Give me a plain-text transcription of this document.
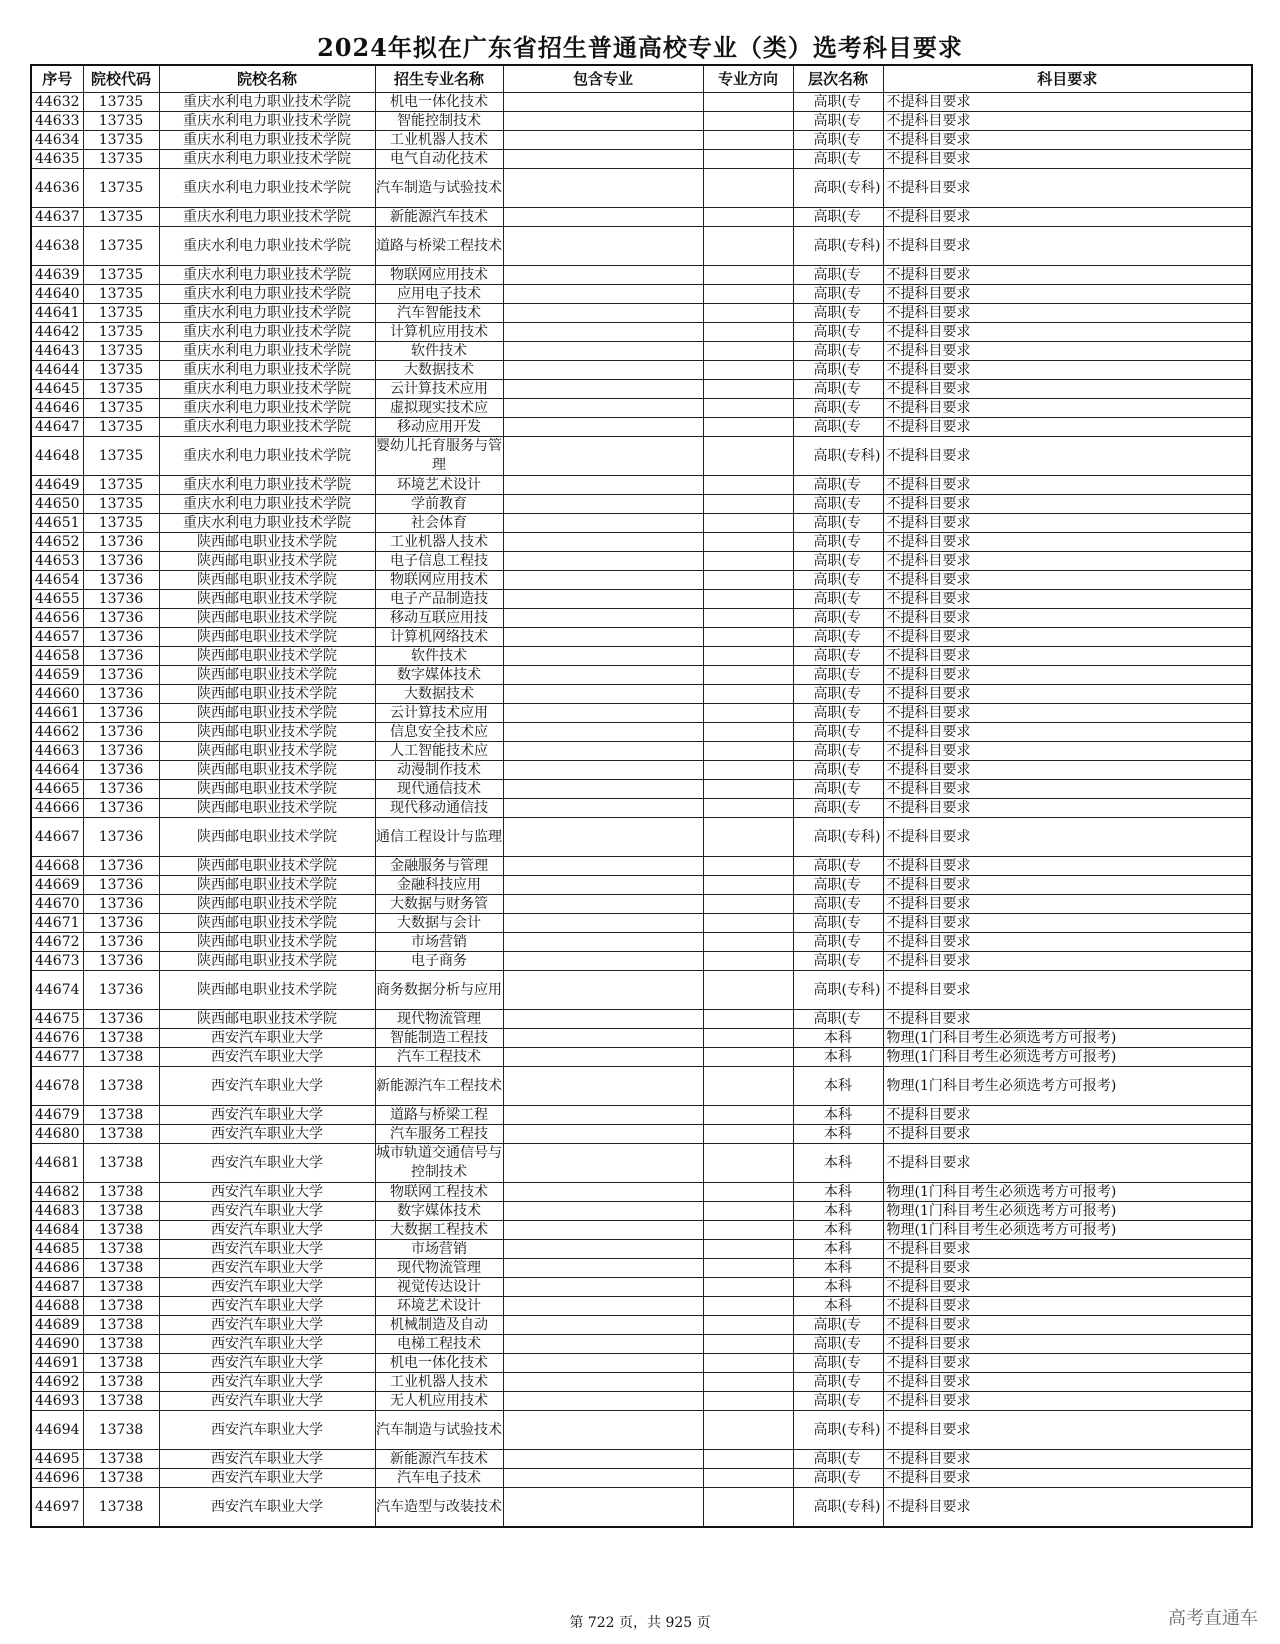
2024年拟在广东省招生普通高校专业（类）选考科目要求
序号	院校代码	院校名称	招生专业名称	包含专业	专业方向	层次名称	科目要求
44632	13735	重庆水利电力职业技术学院	机电一体化技术			高职(专	不提科目要求
44633	13735	重庆水利电力职业技术学院	智能控制技术			高职(专	不提科目要求
44634	13735	重庆水利电力职业技术学院	工业机器人技术			高职(专	不提科目要求
44635	13735	重庆水利电力职业技术学院	电气自动化技术			高职(专	不提科目要求
44636	13735	重庆水利电力职业技术学院	汽车制造与试验技术			高职(专科)	不提科目要求
44637	13735	重庆水利电力职业技术学院	新能源汽车技术			高职(专	不提科目要求
44638	13735	重庆水利电力职业技术学院	道路与桥梁工程技术			高职(专科)	不提科目要求
44639	13735	重庆水利电力职业技术学院	物联网应用技术			高职(专	不提科目要求
44640	13735	重庆水利电力职业技术学院	应用电子技术			高职(专	不提科目要求
44641	13735	重庆水利电力职业技术学院	汽车智能技术			高职(专	不提科目要求
44642	13735	重庆水利电力职业技术学院	计算机应用技术			高职(专	不提科目要求
44643	13735	重庆水利电力职业技术学院	软件技术			高职(专	不提科目要求
44644	13735	重庆水利电力职业技术学院	大数据技术			高职(专	不提科目要求
44645	13735	重庆水利电力职业技术学院	云计算技术应用			高职(专	不提科目要求
44646	13735	重庆水利电力职业技术学院	虚拟现实技术应			高职(专	不提科目要求
44647	13735	重庆水利电力职业技术学院	移动应用开发			高职(专	不提科目要求
44648	13735	重庆水利电力职业技术学院	婴幼儿托育服务与管理			高职(专科)	不提科目要求
44649	13735	重庆水利电力职业技术学院	环境艺术设计			高职(专	不提科目要求
44650	13735	重庆水利电力职业技术学院	学前教育			高职(专	不提科目要求
44651	13735	重庆水利电力职业技术学院	社会体育			高职(专	不提科目要求
44652	13736	陕西邮电职业技术学院	工业机器人技术			高职(专	不提科目要求
44653	13736	陕西邮电职业技术学院	电子信息工程技			高职(专	不提科目要求
44654	13736	陕西邮电职业技术学院	物联网应用技术			高职(专	不提科目要求
44655	13736	陕西邮电职业技术学院	电子产品制造技			高职(专	不提科目要求
44656	13736	陕西邮电职业技术学院	移动互联应用技			高职(专	不提科目要求
44657	13736	陕西邮电职业技术学院	计算机网络技术			高职(专	不提科目要求
44658	13736	陕西邮电职业技术学院	软件技术			高职(专	不提科目要求
44659	13736	陕西邮电职业技术学院	数字媒体技术			高职(专	不提科目要求
44660	13736	陕西邮电职业技术学院	大数据技术			高职(专	不提科目要求
44661	13736	陕西邮电职业技术学院	云计算技术应用			高职(专	不提科目要求
44662	13736	陕西邮电职业技术学院	信息安全技术应			高职(专	不提科目要求
44663	13736	陕西邮电职业技术学院	人工智能技术应			高职(专	不提科目要求
44664	13736	陕西邮电职业技术学院	动漫制作技术			高职(专	不提科目要求
44665	13736	陕西邮电职业技术学院	现代通信技术			高职(专	不提科目要求
44666	13736	陕西邮电职业技术学院	现代移动通信技			高职(专	不提科目要求
44667	13736	陕西邮电职业技术学院	通信工程设计与监理			高职(专科)	不提科目要求
44668	13736	陕西邮电职业技术学院	金融服务与管理			高职(专	不提科目要求
44669	13736	陕西邮电职业技术学院	金融科技应用			高职(专	不提科目要求
44670	13736	陕西邮电职业技术学院	大数据与财务管			高职(专	不提科目要求
44671	13736	陕西邮电职业技术学院	大数据与会计			高职(专	不提科目要求
44672	13736	陕西邮电职业技术学院	市场营销			高职(专	不提科目要求
44673	13736	陕西邮电职业技术学院	电子商务			高职(专	不提科目要求
44674	13736	陕西邮电职业技术学院	商务数据分析与应用			高职(专科)	不提科目要求
44675	13736	陕西邮电职业技术学院	现代物流管理			高职(专	不提科目要求
44676	13738	西安汽车职业大学	智能制造工程技			本科	物理(1门科目考生必须选考方可报考)
44677	13738	西安汽车职业大学	汽车工程技术			本科	物理(1门科目考生必须选考方可报考)
44678	13738	西安汽车职业大学	新能源汽车工程技术			本科	物理(1门科目考生必须选考方可报考)
44679	13738	西安汽车职业大学	道路与桥梁工程			本科	不提科目要求
44680	13738	西安汽车职业大学	汽车服务工程技			本科	不提科目要求
44681	13738	西安汽车职业大学	城市轨道交通信号与控制技术			本科	不提科目要求
44682	13738	西安汽车职业大学	物联网工程技术			本科	物理(1门科目考生必须选考方可报考)
44683	13738	西安汽车职业大学	数字媒体技术			本科	物理(1门科目考生必须选考方可报考)
44684	13738	西安汽车职业大学	大数据工程技术			本科	物理(1门科目考生必须选考方可报考)
44685	13738	西安汽车职业大学	市场营销			本科	不提科目要求
44686	13738	西安汽车职业大学	现代物流管理			本科	不提科目要求
44687	13738	西安汽车职业大学	视觉传达设计			本科	不提科目要求
44688	13738	西安汽车职业大学	环境艺术设计			本科	不提科目要求
44689	13738	西安汽车职业大学	机械制造及自动			高职(专	不提科目要求
44690	13738	西安汽车职业大学	电梯工程技术			高职(专	不提科目要求
44691	13738	西安汽车职业大学	机电一体化技术			高职(专	不提科目要求
44692	13738	西安汽车职业大学	工业机器人技术			高职(专	不提科目要求
44693	13738	西安汽车职业大学	无人机应用技术			高职(专	不提科目要求
44694	13738	西安汽车职业大学	汽车制造与试验技术			高职(专科)	不提科目要求
44695	13738	西安汽车职业大学	新能源汽车技术			高职(专	不提科目要求
44696	13738	西安汽车职业大学	汽车电子技术			高职(专	不提科目要求
44697	13738	西安汽车职业大学	汽车造型与改装技术			高职(专科)	不提科目要求
第 722 页，共 925 页	高考直通车
